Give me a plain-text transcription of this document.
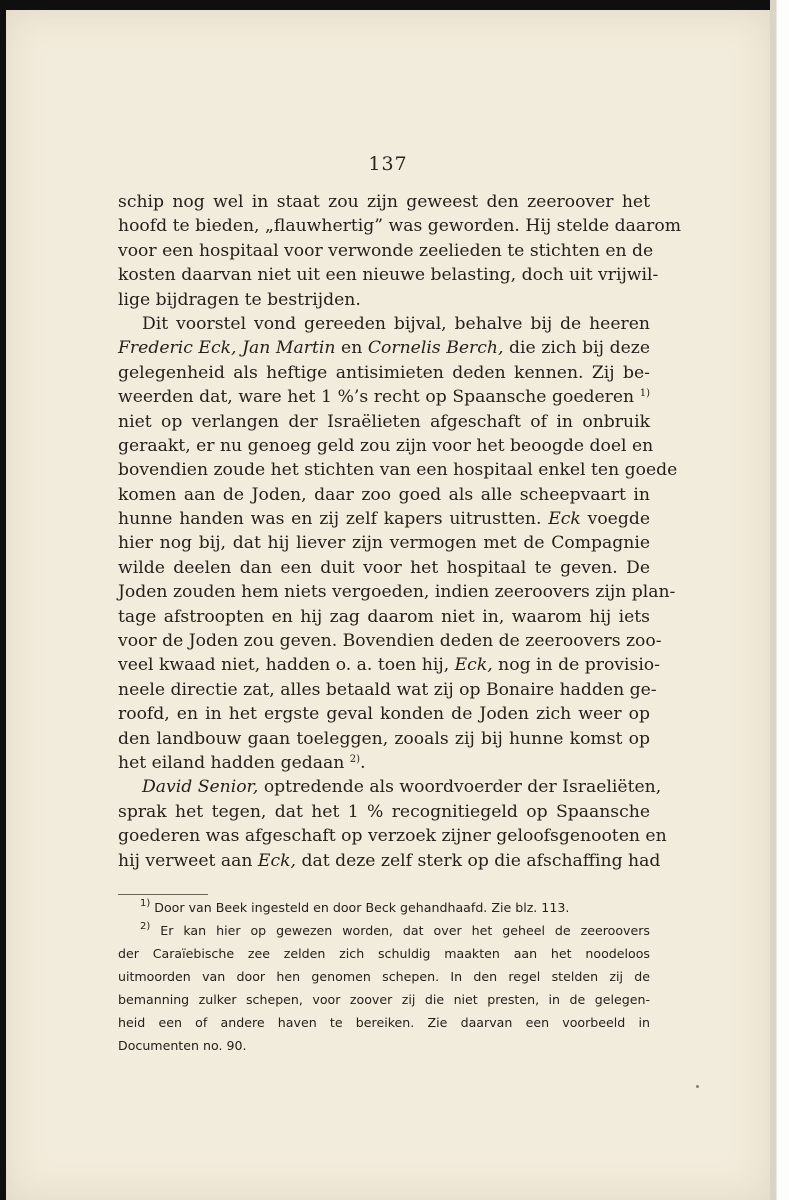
137
schip nog wel in staat zou zijn geweest den zeeroover het
hoofd te bieden, „flauwhertig” was geworden. Hij stelde daarom
voor een hospitaal voor verwonde zeelieden te stichten en de
kosten daarvan niet uit een nieuwe belasting, doch uit vrijwil-
lige bijdragen te bestrijden.
Dit voorstel vond gereeden bijval, behalve bij de heeren
Frederic Eck, Jan Martin en Cornelis Berch, die zich bij deze
gelegenheid als heftige antisimieten deden kennen. Zij be-
weerden dat, ware het 1 %’s recht op Spaansche goederen $^{1)}$
niet op verlangen der Israëlieten afgeschaft of in onbruik
geraakt, er nu genoeg geld zou zijn voor het beoogde doel en
bovendien zoude het stichten van een hospitaal enkel ten goede
komen aan de Joden, daar zoo goed als alle scheepvaart in
hunne handen was en zij zelf kapers uitrustten. Eck voegde
hier nog bij, dat hij liever zijn vermogen met de Compagnie
wilde deelen dan een duit voor het hospitaal te geven. De
Joden zouden hem niets vergoeden, indien zeeroovers zijn plan-
tage afstroopten en hij zag daarom niet in, waarom hij iets
voor de Joden zou geven. Bovendien deden de zeeroovers zoo-
veel kwaad niet, hadden o. a. toen hij, Eck, nog in de provisio-
neele directie zat, alles betaald wat zij op Bonaire hadden ge-
roofd, en in het ergste geval konden de Joden zich weer op
den landbouw gaan toeleggen, zooals zij bij hunne komst op
het eiland hadden gedaan $^{2)}$.
David Senior, optredende als woordvoerder der Israeliëten,
sprak het tegen, dat het 1 % recognitiegeld op Spaansche
goederen was afgeschaft op verzoek zijner geloofsgenooten en
hij verweet aan Eck, dat deze zelf sterk op die afschaffing had
$^{1)}$ Door van Beek ingesteld en door Beck gehandhaafd. Zie blz. 113.
$^{2)}$ Er kan hier op gewezen worden, dat over het geheel de zeeroovers
der Caraïebische zee zelden zich schuldig maakten aan het noodeloos
uitmoorden van door hen genomen schepen. In den regel stelden zij de
bemanning zulker schepen, voor zoover zij die niet presten, in de gelegen-
heid een of andere haven te bereiken. Zie daarvan een voorbeeld in
Documenten no. 90.
